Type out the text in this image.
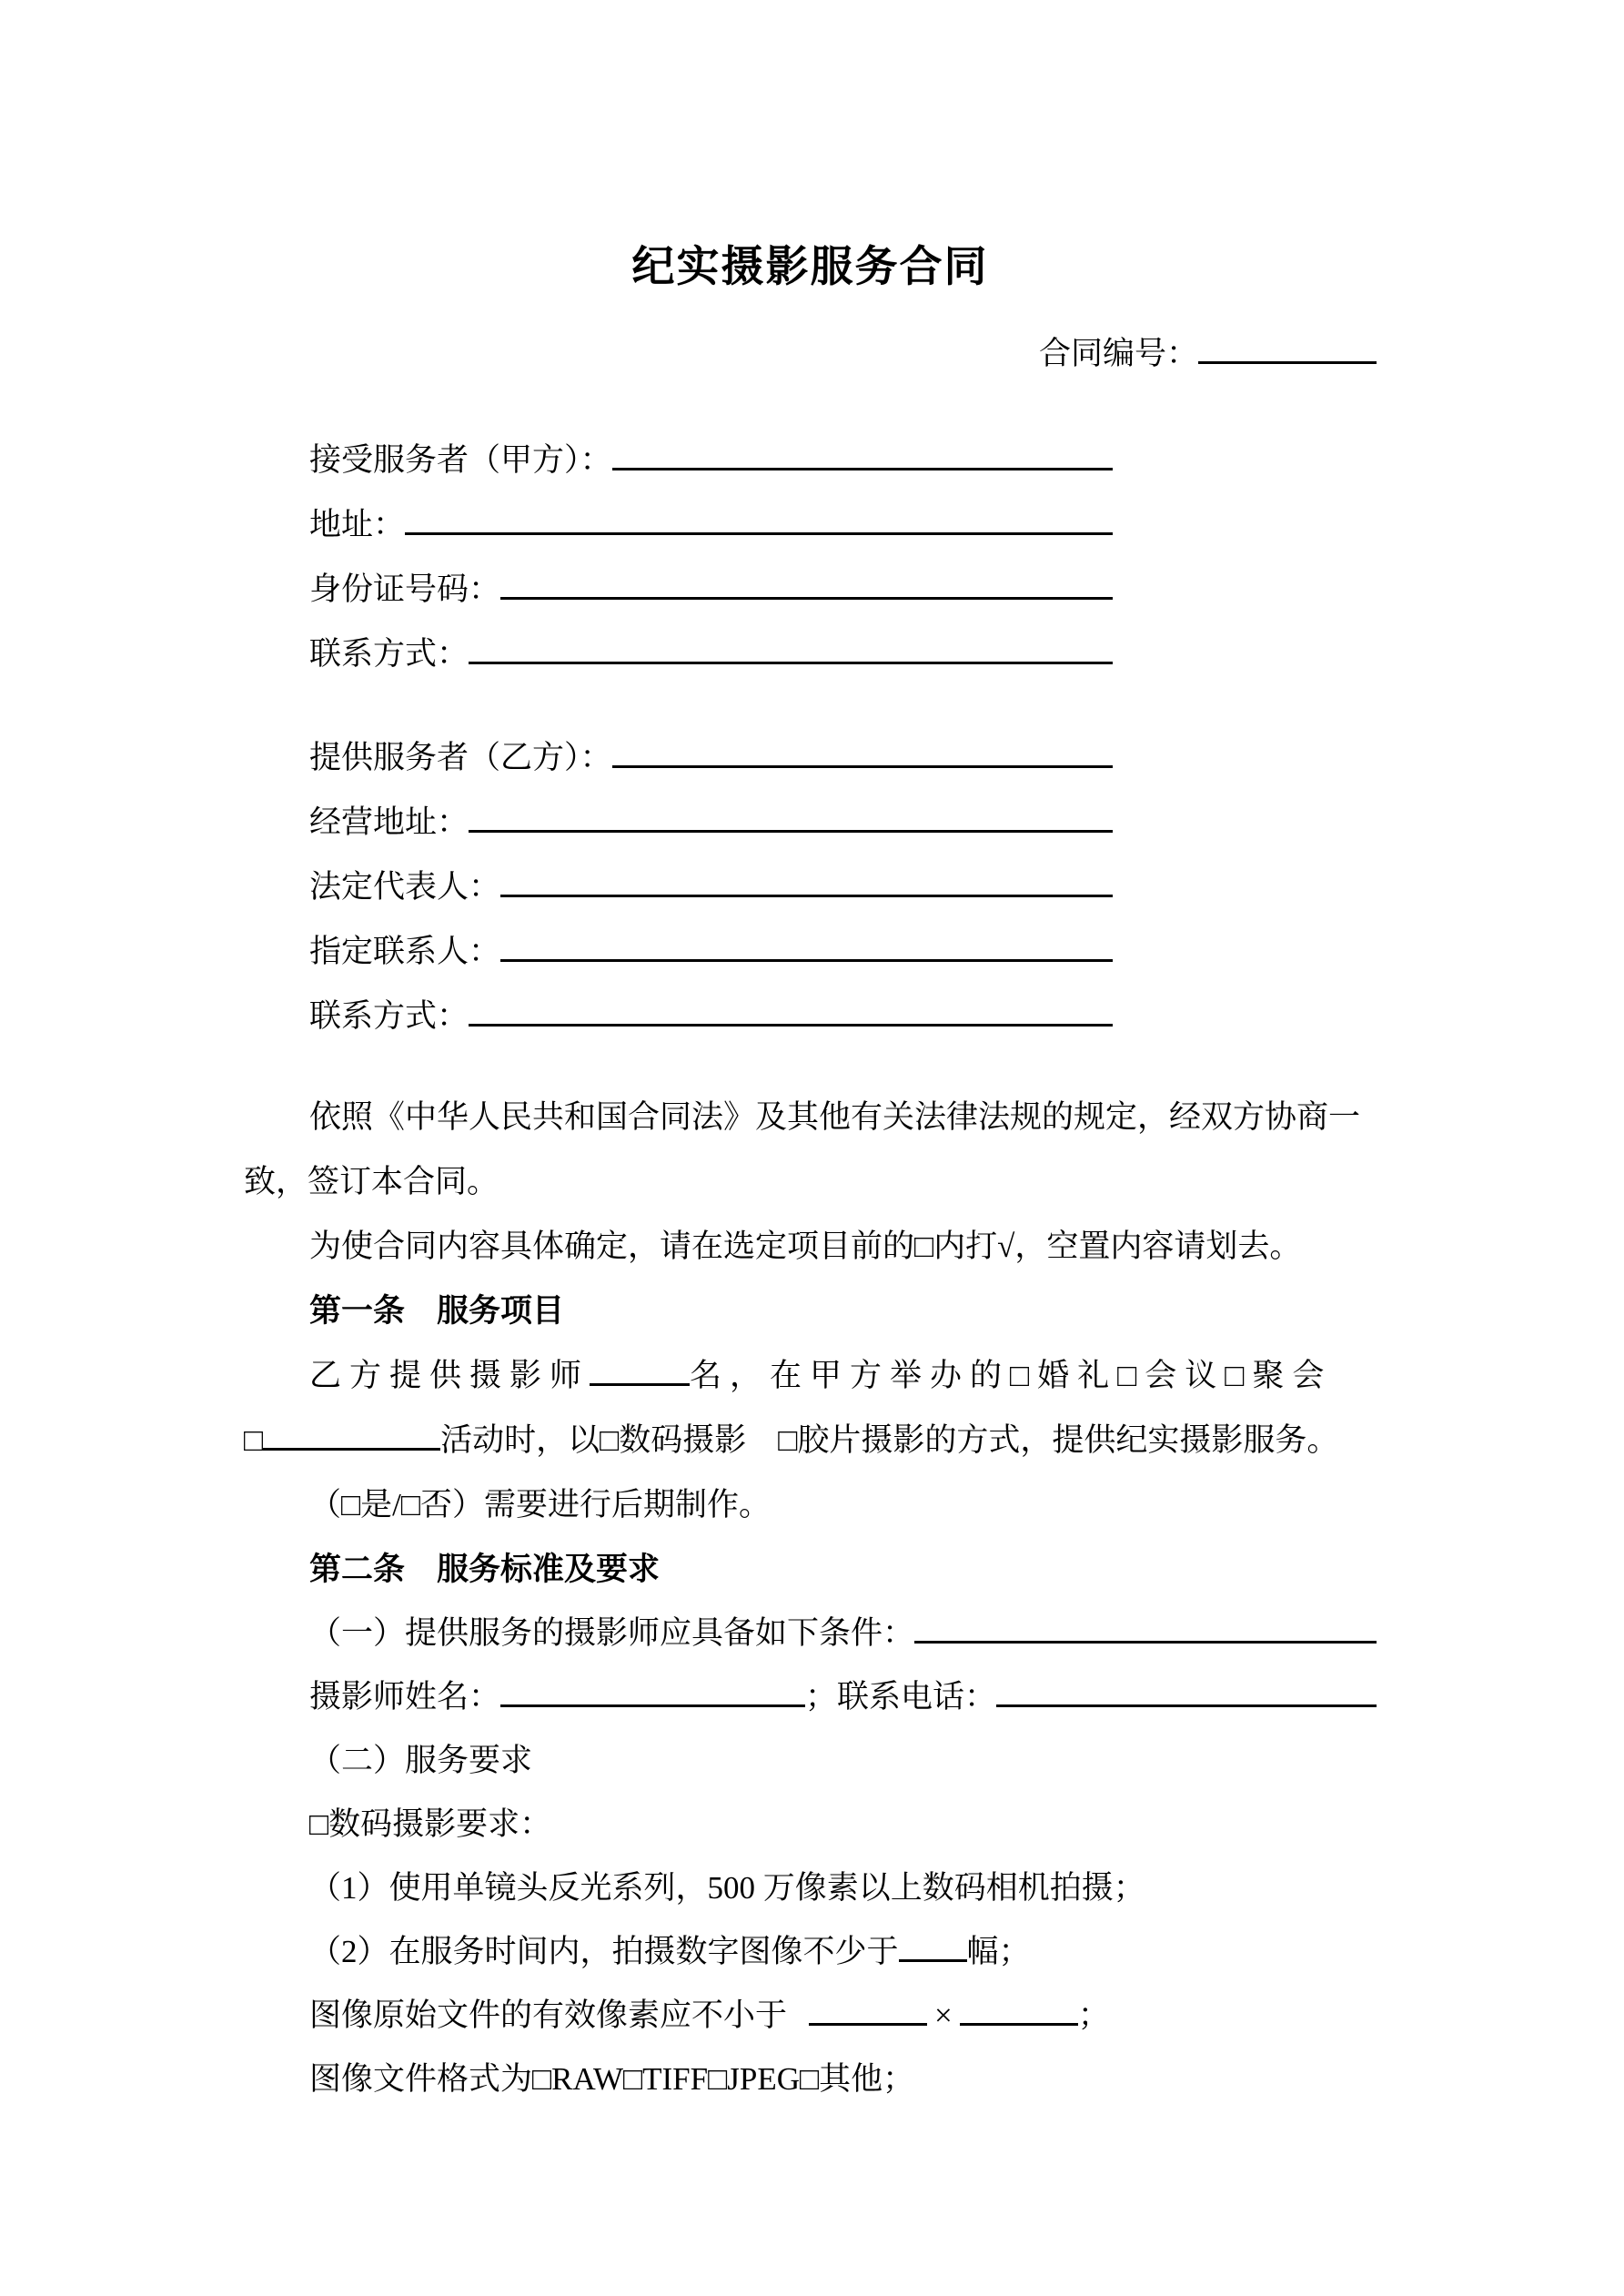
纪实摄影服务合同
合同编号：
接受服务者（甲方）：
地址：
身份证号码：
联系方式：
提供服务者（乙方）：
经营地址：
法定代表人：
指定联系人：
联系方式：
依照《中华人民共和国合同法》及其他有关法律法规的规定，经双方协商一
致，签订本合同。
为使合同内容具体确定，请在选定项目前的□内打√，空置内容请划去。
第一条　服务项目
乙方提供摄影师	名，在甲方举办的□婚礼□会议□聚会
□	活动时，以□数码摄影　□胶片摄影的方式，提供纪实摄影服务。
（□是/□否）需要进行后期制作。
第二条　服务标准及要求
（一）提供服务的摄影师应具备如下条件：
摄影师姓名：	；联系电话：
（二）服务要求
□数码摄影要求：
（1）使用单镜头反光系列，500 万像素以上数码相机拍摄；
（2）在服务时间内，拍摄数字图像不少于 幅；
图像原始文件的有效像素应不小于	×	；
图像文件格式为□RAW□TIFF□JPEG□其他；
